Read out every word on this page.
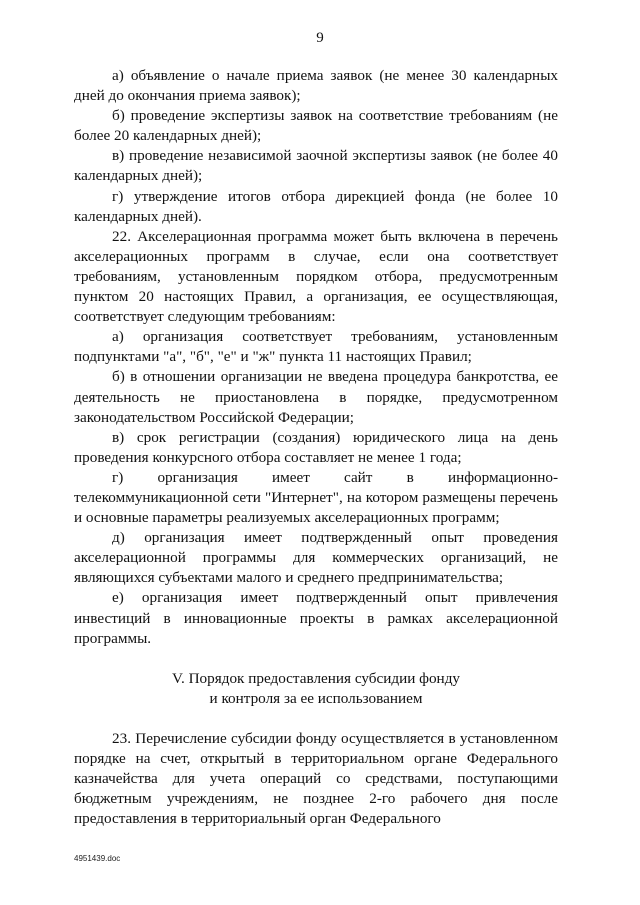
9

а) объявление о начале приема заявок (не менее 30 календарных дней до окончания приема заявок);

б) проведение экспертизы заявок на соответствие требованиям (не более 20 календарных дней);

в) проведение независимой заочной экспертизы заявок (не более 40 календарных дней);

г) утверждение итогов отбора дирекцией фонда (не более 10 календарных дней).

22. Акселерационная программа может быть включена в перечень акселерационных программ в случае, если она соответствует требованиям, установленным порядком отбора, предусмотренным пунктом 20 настоящих Правил, а организация, ее осуществляющая, соответствует следующим требованиям:

а) организация соответствует требованиям, установленным подпунктами "а", "б", "е" и "ж" пункта 11 настоящих Правил;

б) в отношении организации не введена процедура банкротства, ее деятельность не приостановлена в порядке, предусмотренном законодательством Российской Федерации;

в) срок регистрации (создания) юридического лица на день проведения конкурсного отбора составляет не менее 1 года;

г) организация имеет сайт в информационно-телекоммуникационной сети "Интернет", на котором размещены перечень и основные параметры реализуемых акселерационных программ;

д) организация имеет подтвержденный опыт проведения акселерационной программы для коммерческих организаций, не являющихся субъектами малого и среднего предпринимательства;

е) организация имеет подтвержденный опыт привлечения инвестиций в инновационные проекты в рамках акселерационной программы.

V. Порядок предоставления субсидии фонду
и контроля за ее использованием

23. Перечисление субсидии фонду осуществляется в установленном порядке на счет, открытый в территориальном органе Федерального казначейства для учета операций со средствами, поступающими бюджетным учреждениям, не позднее 2-го рабочего дня после предоставления в территориальный орган Федерального

4951439.doc
